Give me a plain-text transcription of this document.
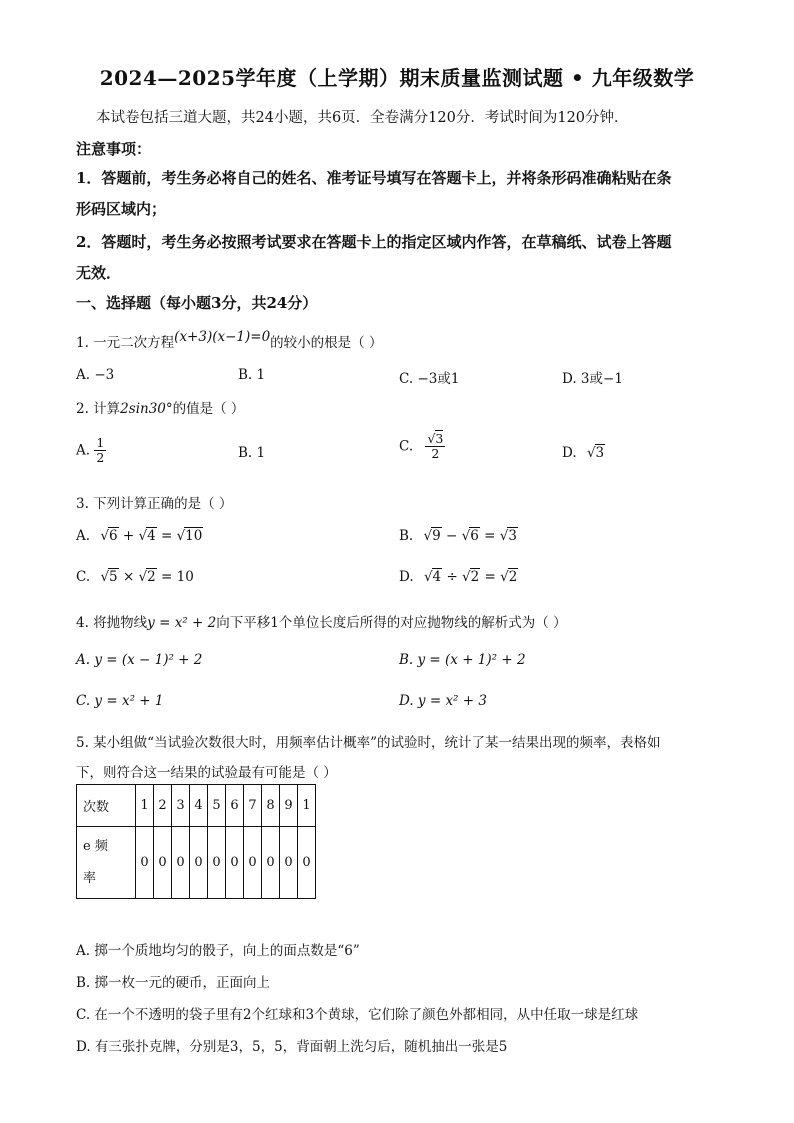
2024—2025学年度（上学期）期末质量监测试题 • 九年级数学
本试卷包括三道大题，共24小题，共6页．全卷满分120分．考试时间为120分钟．
注意事项：
1．答题前，考生务必将自己的姓名、准考证号填写在答题卡上，并将条形码准确粘贴在条
形码区域内；
2．答题时，考生务必按照考试要求在答题卡上的指定区域内作答，在草稿纸、试卷上答题
无效．
一、选择题（每小题3分，共24分）
1. 一元二次方程(x+3)(x−1)=0的较小的根是（ ）
A. −3	B. 1	C. −3或1	D. 3或−1
2. 计算2sin30°的值是（ ）
A. $\frac{1}{2}$	B. 1	C. $\frac{√3}{2}$	D. √3
3. 下列计算正确的是（ ）
A. √6 + √4 = √10	B. √9 − √6 = √3
C. √5 × √2 = 10	D. √4 ÷ √2 = √2
4. 将抛物线y = x² + 2向下平移1个单位长度后所得的对应抛物线的解析式为（ ）
A. y = (x − 1)² + 2	B. y = (x + 1)² + 2
C. y = x² + 1	D. y = x² + 3
5. 某小组做“当试验次数很大时，用频率估计概率”的试验时，统计了某一结果出现的频率，表格如
下，则符合这一结果的试验最有可能是（ ）
次数	1	2	3	4	5	6	7	8	9	1

e 频
率	0	0	0	0	0	0	0	0	0	0
A. 掷一个质地均匀的骰子，向上的面点数是“6”
B. 掷一枚一元的硬币，正面向上
C. 在一个不透明的袋子里有2个红球和3个黄球，它们除了颜色外都相同，从中任取一球是红球
D. 有三张扑克牌，分别是3，5，5，背面朝上洗匀后，随机抽出一张是5
